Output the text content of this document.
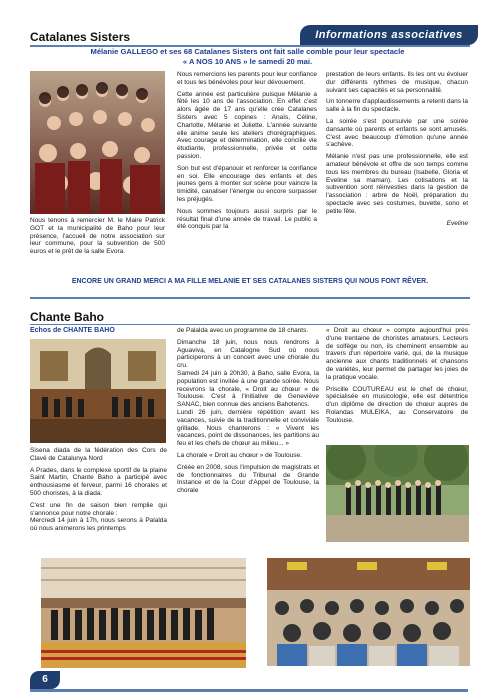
Catalanes Sisters	Informations associatives
Mélanie GALLEGO et ses 68 Catalanes Sisters ont fait salle comble pour leur spectacle
« A NOS 10 ANS » le samedi 20 mai.

Nous tenons à remercier M. le Maire Patrick GOT et la municipalité de Baho pour leur présence, l'accueil de notre association sur leur commune, pour la subvention de 500 euros et le prêt de la salle Evora.

Nous remercions les parents pour leur confiance et tous les bénévoles pour leur dévouement.

Cette année est particulière puisque Mélanie a fêté les 10 ans de l'association. En effet c'est alors âgée de 17 ans qu'elle crée Catalanes Sisters avec 5 copines : Anaïs, Céline, Charlotte, Mélanie et Juliette. L'année suivante elle anime seule les ateliers chorégraphiques. Avec courage et détermination, elle concilie vie étudiante, professionnelle, privée et cette passion.

Son but est d'épanouir et renforcer la confiance en soi. Elle encourage des enfants et des jeunes gens à monter sur scène pour vaincre la timidité, canaliser l'énergie ou encore surpasser les préjugés.

Nous sommes toujours aussi surpris par le résultat final d'une année de travail. Le public a été conquis par la

prestation de leurs enfants. Ils les ont vu évoluer dur différents rythmes de musique, chacun suivant ses capacités et sa personnalité.

Un tonnerre d'applaudissements a retenti dans la salle à la fin du spectacle.

La soirée s'est poursuivie par une soirée dansante où parents et enfants se sont amusés. C'est avec beaucoup d'émotion qu'une année s'achève.

Mélanie n'est pas une professionnelle, elle est amateur bénévole et offre de son temps comme tous les membres du bureau (Isabelle, Gloria et Eveline sa maman). Les cotisations et la subvention sont réinvesties dans la gestion de l'association : arbre de Noël, préparation du spectacle avec ses costumes, buvette, sono et petite fête.

Eveline
ENCORE UN GRAND MERCI A MA FILLE MELANIE ET SES CATALANES SISTERS QUI NOUS FONT RÊVER.
Chante Baho
Echos de CHANTE BAHO

Sisena diada de la fédération des Cors de Clavé de Catalunya Nord

A Prades, dans le complexe sportif de la plaine Saint Martin, Chante Baho a participé avec enthousiasme et ferveur, parmi 16 chorales et 500 choristes, à la diada.

C'est une fin de saison bien remplie qui s'annonce pour notre chorale :

Mercredi 14 juin à 17h, nous serons à Palalda où nous animerons les printemps

de Palalda avec un programme de 18 chants.

Dimanche 18 juin, nous nous rendrons à Aguaviva, en Catalogne Sud où nous participerons à un concert avec une chorale du cru.

Samedi 24 juin à 20h30, à Baho, salle Evora, la population est invitée à une grande soirée. Nous recevrons la chorale, « Droit au chœur » de Toulouse. C'est à l'initiative de Geneviève SANAC, bien connue des anciens Bahotencs.

Lundi 26 juin, dernière répétition avant les vacances, suivie de la traditionnelle et conviviale grillade. Nous chanterons : « Vivent les vacances, point de dissonances, les partitions au feu et les chefs de chœur au milieu... »

La chorale « Droit au chœur » de Toulouse.

Créée en 2008, sous l'impulsion de magistrats et de fonctionnaires du Tribunal de Grande Instance et de la Cour d'Appel de Toulouse, la chorale

« Droit au chœur » compte aujourd'hui près d'une trentaine de choristes amateurs. Lecteurs de solfège ou non, ils cheminent ensemble au travers d'un répertoire varié, qui, de la musique ancienne aux chants traditionnels et chansons de variétés, leur permet de partager les joies de la pratique vocale.

Priscille COUTUREAU est le chef de chœur, spécialisée en musicologie, elle est détentrice d'un diplôme de direction de chœur auprès de Rolandas MULEIKA, au Conservatoire de Toulouse.

6
